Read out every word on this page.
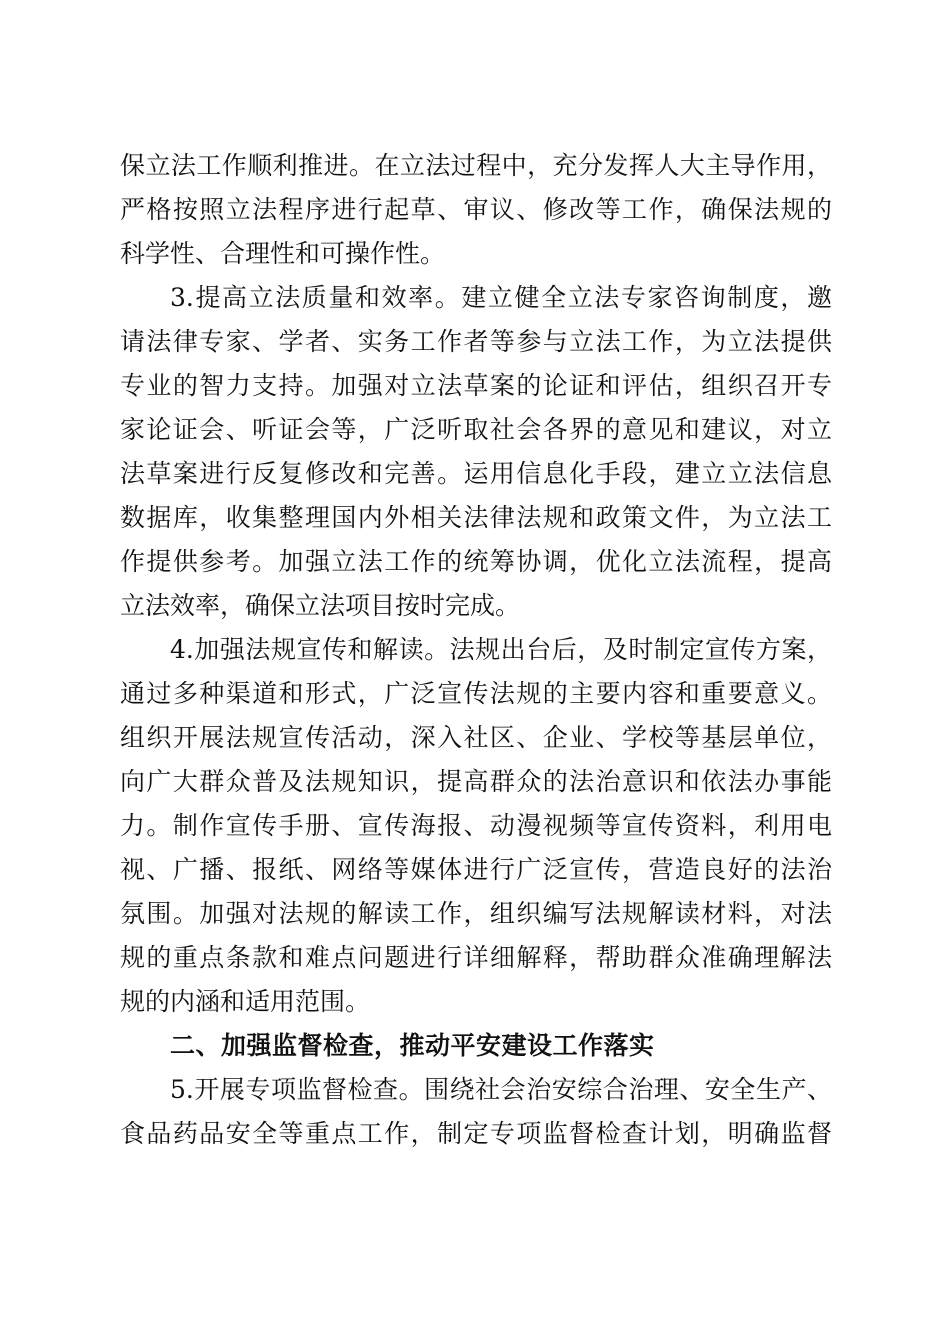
保立法工作顺利推进。在立法过程中，充分发挥人大主导作用，
严格按照立法程序进行起草、审议、修改等工作，确保法规的
科学性、合理性和可操作性。
3.提高立法质量和效率。建立健全立法专家咨询制度，邀
请法律专家、学者、实务工作者等参与立法工作，为立法提供
专业的智力支持。加强对立法草案的论证和评估，组织召开专
家论证会、听证会等，广泛听取社会各界的意见和建议，对立
法草案进行反复修改和完善。运用信息化手段，建立立法信息
数据库，收集整理国内外相关法律法规和政策文件，为立法工
作提供参考。加强立法工作的统筹协调，优化立法流程，提高
立法效率，确保立法项目按时完成。
4.加强法规宣传和解读。法规出台后，及时制定宣传方案，
通过多种渠道和形式，广泛宣传法规的主要内容和重要意义。
组织开展法规宣传活动，深入社区、企业、学校等基层单位，
向广大群众普及法规知识，提高群众的法治意识和依法办事能
力。制作宣传手册、宣传海报、动漫视频等宣传资料，利用电
视、广播、报纸、网络等媒体进行广泛宣传，营造良好的法治
氛围。加强对法规的解读工作，组织编写法规解读材料，对法
规的重点条款和难点问题进行详细解释，帮助群众准确理解法
规的内涵和适用范围。
二、加强监督检查，推动平安建设工作落实
5.开展专项监督检查。围绕社会治安综合治理、安全生产、
食品药品安全等重点工作，制定专项监督检查计划，明确监督
